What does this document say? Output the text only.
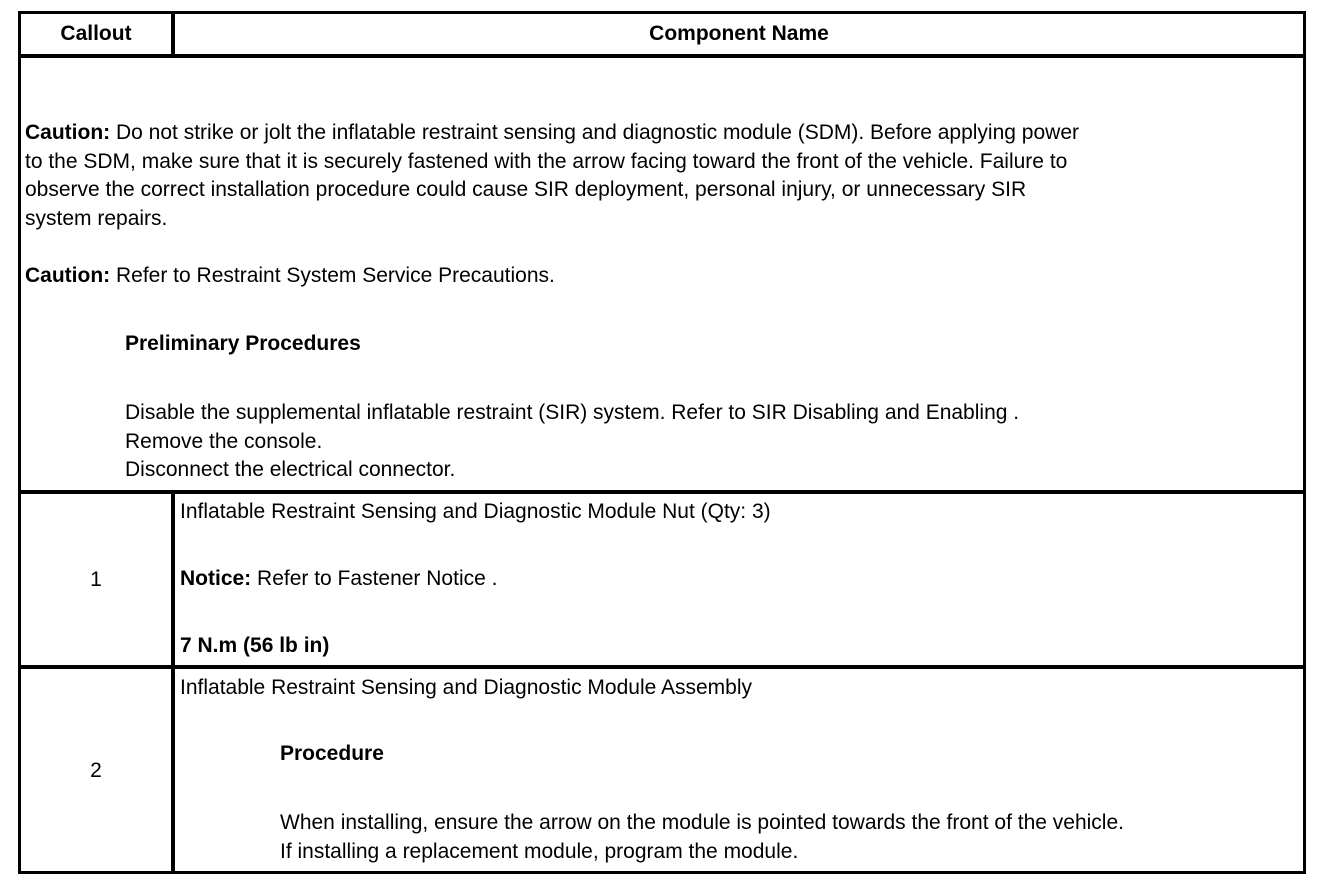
Callout	Component Name
Caution: Do not strike or jolt the inflatable restraint sensing and diagnostic module (SDM). Before applying power
to the SDM, make sure that it is securely fastened with the arrow facing toward the front of the vehicle. Failure to
observe the correct installation procedure could cause SIR deployment, personal injury, or unnecessary SIR
system repairs.
Caution: Refer to Restraint System Service Precautions.
Preliminary Procedures
Disable the supplemental inflatable restraint (SIR) system. Refer to SIR Disabling and Enabling .
Remove the console.
Disconnect the electrical connector.
1
Inflatable Restraint Sensing and Diagnostic Module Nut (Qty: 3)
Notice: Refer to Fastener Notice .
7 N.m (56 lb in)
2
Inflatable Restraint Sensing and Diagnostic Module Assembly
Procedure
When installing, ensure the arrow on the module is pointed towards the front of the vehicle.
If installing a replacement module, program the module.
